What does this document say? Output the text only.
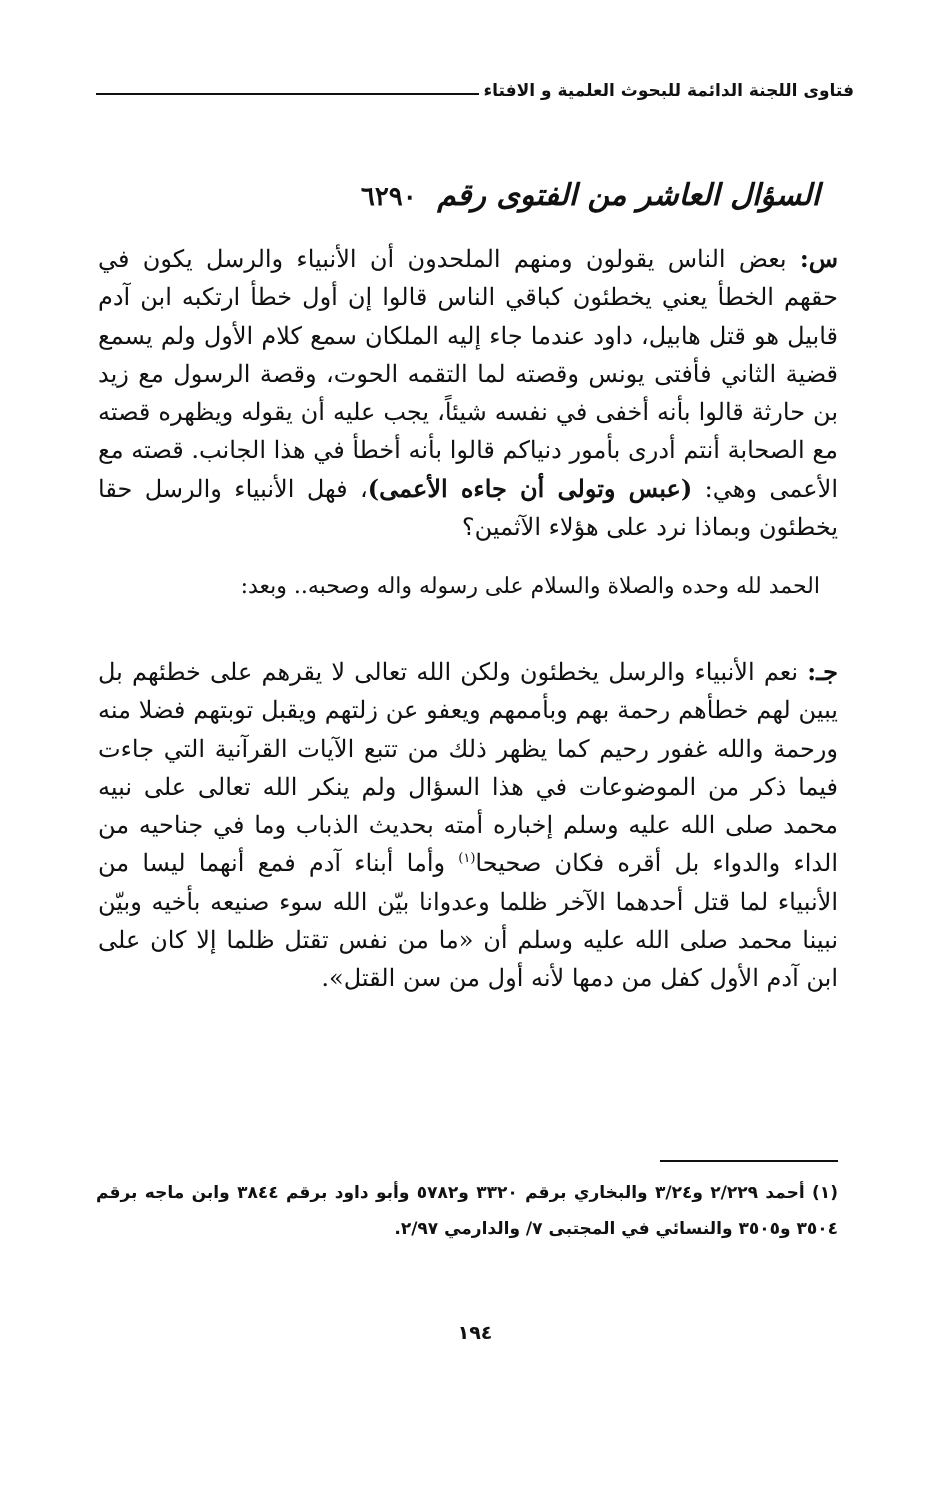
فتاوى اللجنة الدائمة للبحوث العلمية و الافتاء
السؤال العاشر من الفتوى رقم ٦٢٩٠
س: بعض الناس يقولون ومنهم الملحدون أن الأنبياء والرسل يكون في حقهم الخطأ يعني يخطئون كباقي الناس قالوا إن أول خطأ ارتكبه ابن آدم قابيل هو قتل هابيل، داود عندما جاء إليه الملكان سمع كلام الأول ولم يسمع قضية الثاني فأفتى يونس وقصته لما التقمه الحوت، وقصة الرسول مع زيد بن حارثة قالوا بأنه أخفى في نفسه شيئاً، يجب عليه أن يقوله ويظهره قصته مع الصحابة أنتم أدرى بأمور دنياكم قالوا بأنه أخطأ في هذا الجانب. قصته مع الأعمى وهي: (عبس وتولى أن جاءه الأعمى)، فهل الأنبياء والرسل حقا يخطئون وبماذا نرد على هؤلاء الآثمين؟
الحمد لله وحده والصلاة والسلام على رسوله واله وصحبه.. وبعد:
جـ: نعم الأنبياء والرسل يخطئون ولكن الله تعالى لا يقرهم على خطئهم بل يبين لهم خطأهم رحمة بهم وبأممهم ويعفو عن زلتهم ويقبل توبتهم فضلا منه ورحمة والله غفور رحيم كما يظهر ذلك من تتبع الآيات القرآنية التي جاءت فيما ذكر من الموضوعات في هذا السؤال ولم ينكر الله تعالى على نبيه محمد صلى الله عليه وسلم إخباره أمته بحديث الذباب وما في جناحيه من الداء والدواء بل أقره فكان صحيحا$^{(١)}$ وأما أبناء آدم فمع أنهما ليسا من الأنبياء لما قتل أحدهما الآخر ظلما وعدوانا بيّن الله سوء صنيعه بأخيه وبيّن نبينا محمد صلى الله عليه وسلم أن «ما من نفس تقتل ظلما إلا كان على ابن آدم الأول كفل من دمها لأنه أول من سن القتل».
(١) أحمد ٢/٢٢٩ و٣/٢٤ والبخاري برقم ٣٣٢٠ و٥٧٨٢ وأبو داود برقم ٣٨٤٤ وابن ماجه برقم ٣٥٠٤ و٣٥٠٥ والنسائي في المجتبى ٧/ والدارمي ٢/٩٧.
١٩٤
